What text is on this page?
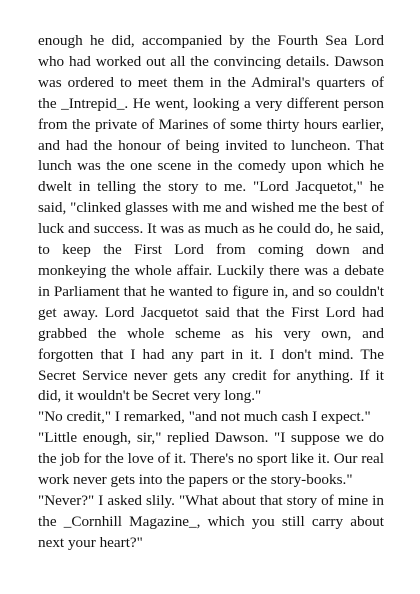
enough he did, accompanied by the Fourth Sea Lord who had worked out all the convincing details. Dawson was ordered to meet them in the Admiral's quarters of the _Intrepid_. He went, looking a very different person from the private of Marines of some thirty hours earlier, and had the honour of being invited to luncheon. That lunch was the one scene in the comedy upon which he dwelt in telling the story to me. "Lord Jacquetot," he said, "clinked glasses with me and wished me the best of luck and success. It was as much as he could do, he said, to keep the First Lord from coming down and monkeying the whole affair. Luckily there was a debate in Parliament that he wanted to figure in, and so couldn't get away. Lord Jacquetot said that the First Lord had grabbed the whole scheme as his very own, and forgotten that I had any part in it. I don't mind. The Secret Service never gets any credit for anything. If it did, it wouldn't be Secret very long."

"No credit," I remarked, "and not much cash I expect."

"Little enough, sir," replied Dawson. "I suppose we do the job for the love of it. There's no sport like it. Our real work never gets into the papers or the story-books."

"Never?" I asked slily. "What about that story of mine in the _Cornhill Magazine_, which you still carry about next your heart?"
